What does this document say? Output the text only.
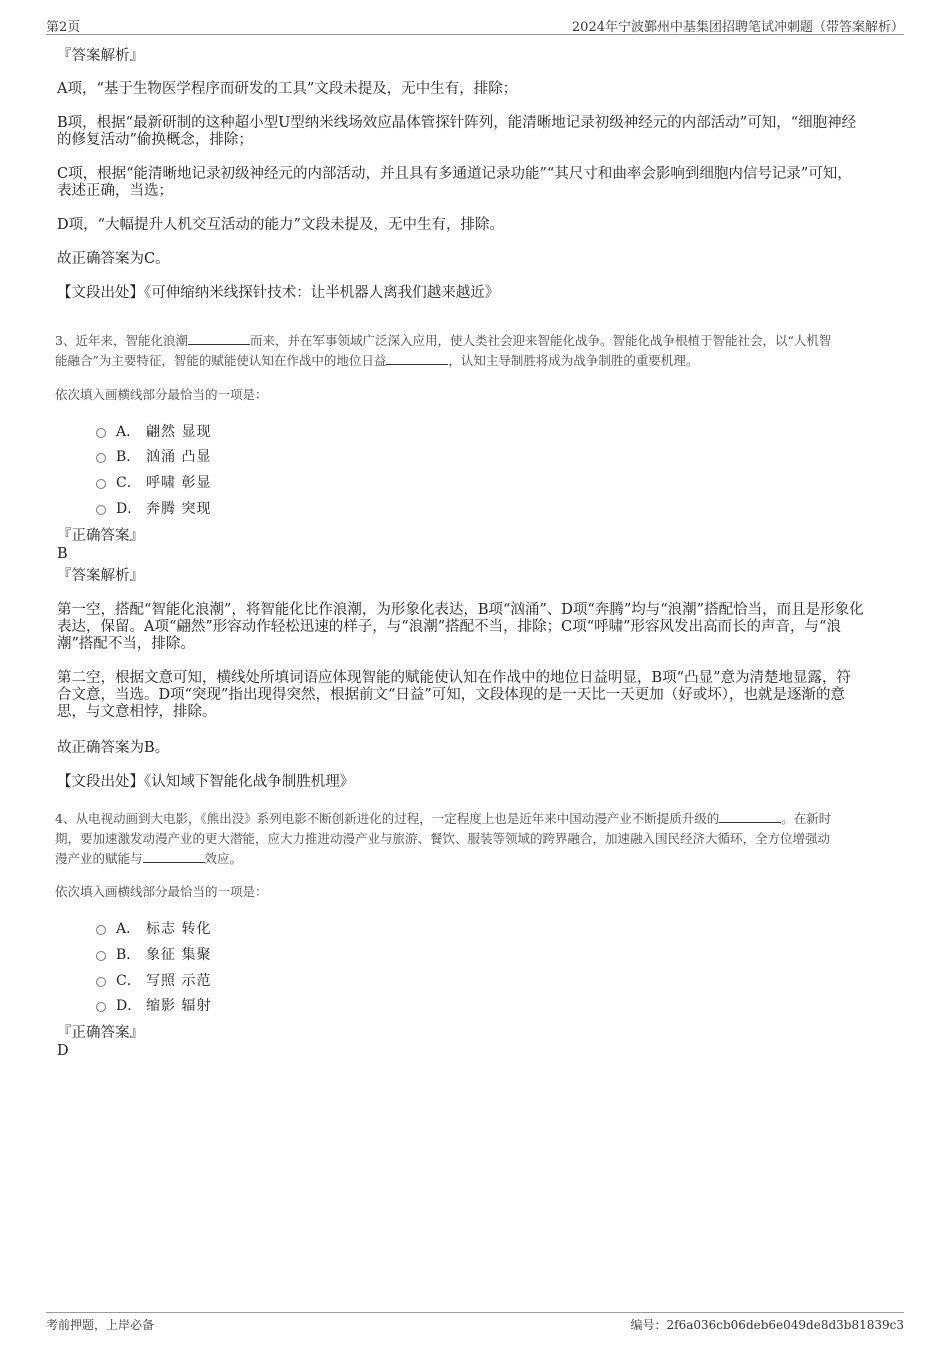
第2页	2024年宁波鄞州中基集团招聘笔试冲刺题（带答案解析）
『答案解析』
A项，“基于生物医学程序而研发的工具”文段未提及，无中生有，排除；
B项，根据“最新研制的这种超小型U型纳米线场效应晶体管探针阵列，能清晰地记录初级神经元的内部活动”可知，“细胞神经
的修复活动”偷换概念，排除；
C项，根据“能清晰地记录初级神经元的内部活动，并且具有多通道记录功能”“其尺寸和曲率会影响到细胞内信号记录”可知，
表述正确，当选；
D项，“大幅提升人机交互活动的能力”文段未提及，无中生有，排除。
故正确答案为C。
【文段出处】《可伸缩纳米线探针技术：让半机器人离我们越来越近》
3、近年来，智能化浪潮	而来，并在军事领域广泛深入应用，使人类社会迎来智能化战争。智能化战争根植于智能社会，以“人机智
能融合”为主要特征，智能的赋能使认知在作战中的地位日益	，认知主导制胜将成为战争制胜的重要机理。
依次填入画横线部分最恰当的一项是：
A． 翩然 显现
B． 汹涌 凸显
C． 呼啸 彰显
D． 奔腾 突现
『正确答案』
B
『答案解析』
第一空，搭配“智能化浪潮”，将智能化比作浪潮，为形象化表达，B项“汹涌”、D项“奔腾”均与“浪潮”搭配恰当，而且是形象化
表达，保留。A项“翩然”形容动作轻松迅速的样子，与“浪潮”搭配不当，排除；C项“呼啸”形容风发出高而长的声音，与“浪
潮”搭配不当，排除。
第二空，根据文意可知，横线处所填词语应体现智能的赋能使认知在作战中的地位日益明显，B项“凸显”意为清楚地显露，符
合文意，当选。D项“突现”指出现得突然，根据前文“日益”可知，文段体现的是一天比一天更加（好或坏），也就是逐渐的意
思，与文意相悖，排除。
故正确答案为B。
【文段出处】《认知域下智能化战争制胜机理》
4、从电视动画到大电影，《熊出没》系列电影不断创新进化的过程，一定程度上也是近年来中国动漫产业不断提质升级的	。在新时
期，要加速激发动漫产业的更大潜能，应大力推进动漫产业与旅游、餐饮、服装等领域的跨界融合，加速融入国民经济大循环，全方位增强动
漫产业的赋能与	效应。
依次填入画横线部分最恰当的一项是：
A． 标志 转化
B． 象征 集聚
C． 写照 示范
D． 缩影 辐射
『正确答案』
D
考前押题，上岸必备	编号：2f6a036cb06deb6e049de8d3b81839c3
